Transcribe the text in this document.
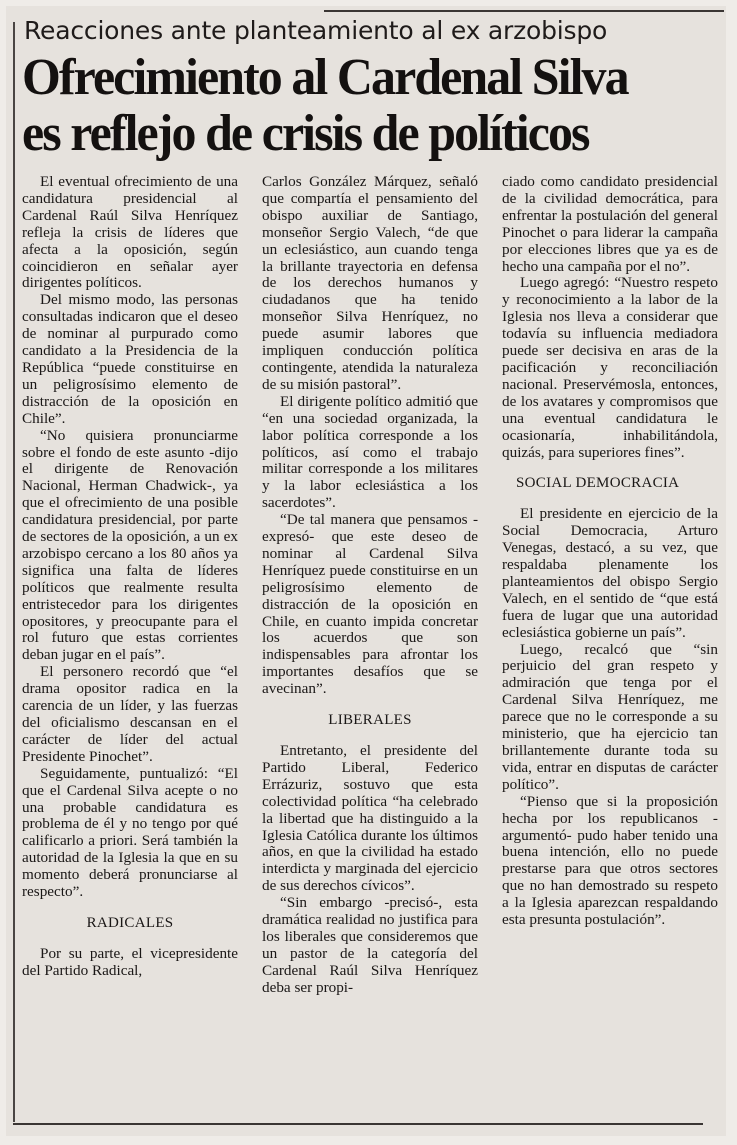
Reacciones ante planteamiento al ex arzobispo
Ofrecimiento al Cardenal Silva
es reflejo de crisis de políticos

El eventual ofrecimiento de una candidatura presidencial al Cardenal Raúl Silva Henríquez refleja la crisis de líderes que afecta a la oposición, según coincidieron en señalar ayer dirigentes políticos.

Del mismo modo, las personas consultadas indicaron que el deseo de nominar al purpurado como candidato a la Presidencia de la República “puede constituirse en un peligrosísimo elemento de distracción de la oposición en Chile”.

“No quisiera pronunciarme sobre el fondo de este asunto -dijo el dirigente de Renovación Nacional, Herman Chadwick-, ya que el ofrecimiento de una posible candidatura presidencial, por parte de sectores de la oposición, a un ex arzobispo cercano a los 80 años ya significa una falta de líderes políticos que realmente resulta entristecedor para los dirigentes opositores, y preocupante para el rol futuro que estas corrientes deban jugar en el país”.

El personero recordó que “el drama opositor radica en la carencia de un líder, y las fuerzas del oficialismo descansan en el carácter de líder del actual Presidente Pinochet”.

Seguidamente, puntualizó: “El que el Cardenal Silva acepte o no una probable candidatura es problema de él y no tengo por qué calificarlo a priori. Será también la autoridad de la Iglesia la que en su momento deberá pronunciarse al respecto”.

RADICALES

Por su parte, el vicepresidente del Partido Radical,

Carlos González Márquez, señaló que compartía el pensamiento del obispo auxiliar de Santiago, monseñor Sergio Valech, “de que un eclesiástico, aun cuando tenga la brillante trayectoria en defensa de los derechos humanos y ciudadanos que ha tenido monseñor Silva Henríquez, no puede asumir labores que impliquen conducción política contingente, atendida la naturaleza de su misión pastoral”.

El dirigente político admitió que “en una sociedad organizada, la labor política corresponde a los políticos, así como el trabajo militar corresponde a los militares y la labor eclesiástica a los sacerdotes”.

“De tal manera que pensamos -expresó- que este deseo de nominar al Cardenal Silva Henríquez puede constituirse en un peligrosísimo elemento de distracción de la oposición en Chile, en cuanto impida concretar los acuerdos que son indispensables para afrontar los importantes desafíos que se avecinan”.

LIBERALES

Entretanto, el presidente del Partido Liberal, Federico Errázuriz, sostuvo que esta colectividad política “ha celebrado la libertad que ha distinguido a la Iglesia Católica durante los últimos años, en que la civilidad ha estado interdicta y marginada del ejercicio de sus derechos cívicos”.

“Sin embargo -precisó-, esta dramática realidad no justifica para los liberales que consideremos que un pastor de la categoría del Cardenal Raúl Silva Henríquez deba ser propi-

ciado como candidato presidencial de la civilidad democrática, para enfrentar la postulación del general Pinochet o para liderar la campaña por elecciones libres que ya es de hecho una campaña por el no”.

Luego agregó: “Nuestro respeto y reconocimiento a la labor de la Iglesia nos lleva a considerar que todavía su influencia mediadora puede ser decisiva en aras de la pacificación y reconciliación nacional. Preservémosla, entonces, de los avatares y compromisos que una eventual candidatura le ocasionaría, inhabilitándola, quizás, para superiores fines”.

SOCIAL DEMOCRACIA

El presidente en ejercicio de la Social Democracia, Arturo Venegas, destacó, a su vez, que respaldaba plenamente los planteamientos del obispo Sergio Valech, en el sentido de “que está fuera de lugar que una autoridad eclesiástica gobierne un país”.

Luego, recalcó que “sin perjuicio del gran respeto y admiración que tenga por el Cardenal Silva Henríquez, me parece que no le corresponde a su ministerio, que ha ejercicio tan brillantemente durante toda su vida, entrar en disputas de carácter político”.

“Pienso que si la proposición hecha por los republicanos -argumentó- pudo haber tenido una buena intención, ello no puede prestarse para que otros sectores que no han demostrado su respeto a la Iglesia aparezcan respaldando esta presunta postulación”.
